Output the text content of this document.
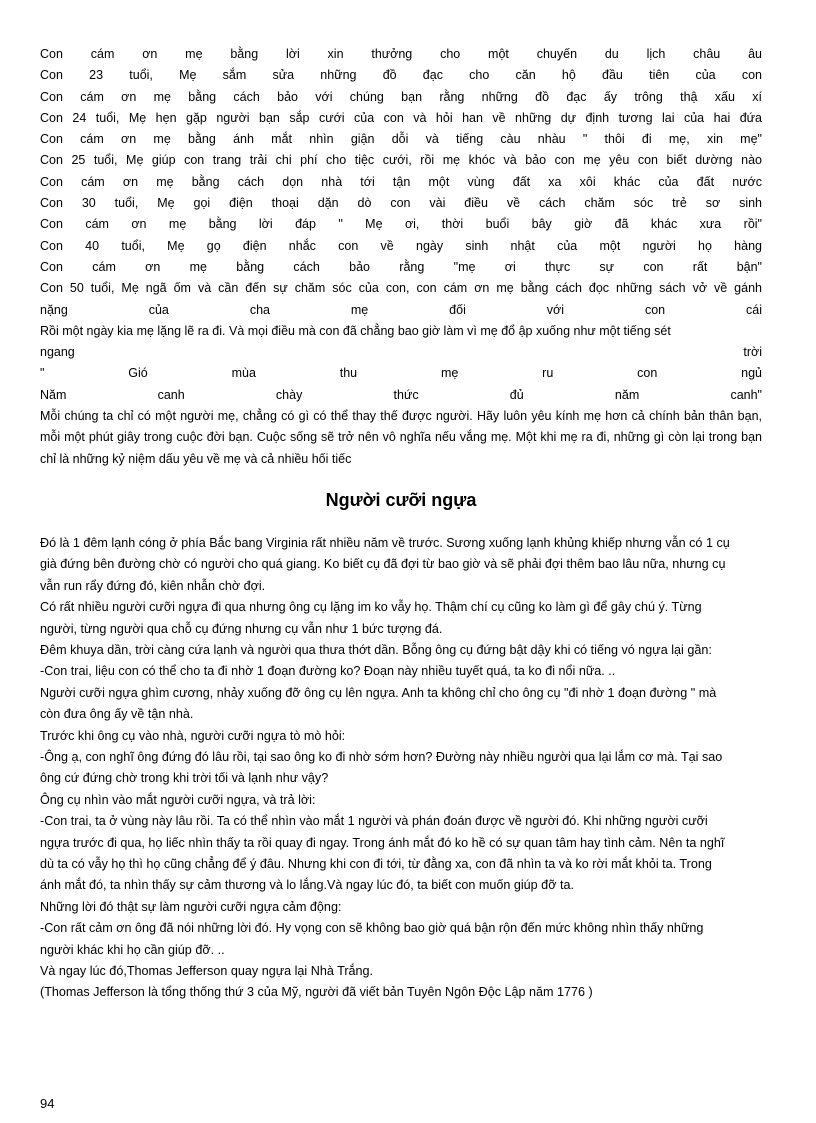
Con cám ơn mẹ bằng lời xin thưởng cho một chuyến du lịch châu âu
Con 23 tuổi, Mẹ sắm sửa những đồ đạc cho căn hộ đầu tiên của con
Con cám ơn mẹ bằng cách bảo với chúng bạn rằng những đồ đạc ấy trông thậ xấu xí
Con 24 tuổi, Mẹ hẹn gặp người bạn sắp cưới của con và hỏi han về những dự định tương lai của hai đứa
Con cám ơn mẹ bằng ánh mắt nhìn giận dỗi và tiếng càu nhàu " thôi đi mẹ, xin mẹ"
Con 25 tuổi, Mẹ giúp con trang trải chi phí cho tiệc cưới, rồi mẹ khóc và bảo con mẹ yêu con biết dường nào
Con cám ơn mẹ bằng cách dọn nhà tới tận một vùng đất xa xôi khác của đất nước
Con 30 tuổi, Mẹ gọi điện thoại dặn dò con vài điều về cách chăm sóc trẻ sơ sinh
Con cám ơn mẹ bằng lời đáp " Mẹ ơi, thời buổi bây giờ đã khác xưa rồi"
Con 40 tuổi, Mẹ gọ điện nhắc con về ngày sinh nhật của một người họ hàng
Con cám ơn mẹ bằng cách bảo rằng "mẹ ơi thực sự con rất bận"
Con 50 tuổi, Mẹ ngã ốm và cần đến sự chăm sóc của con, con cám ơn mẹ bằng cách đọc những sách vở về gánh
nặng của cha mẹ đối với con cái
Rồi một ngày kia mẹ lặng lẽ ra đi. Và mọi điều mà con đã chẳng bao giờ làm vì mẹ đổ ập xuống như một tiếng sét
ngang	trời
" Gió mùa thu mẹ ru con ngủ
Năm canh chày thức đủ năm canh"
Mỗi chúng ta chỉ có một người mẹ, chẳng có gì có thể thay thế được người. Hãy luôn yêu kính mẹ hơn cả chính bản thân bạn, mỗi một phút giây trong cuộc đời bạn. Cuộc sống sẽ trở nên vô nghĩa nếu vắng mẹ. Một khi mẹ ra đi, những gì còn lại trong bạn chỉ là những kỷ niệm dấu yêu về mẹ và cả nhiều hối tiếc
Người cưỡi ngựa

Đó là 1 đêm lạnh cóng ở phía Bắc bang Virginia rất nhiều năm về trước. Sương xuống lạnh khủng khiếp nhưng vẫn có 1 cụ già đứng bên đường chờ có người cho quá giang. Ko biết cụ đã đợi từ bao giờ và sẽ phải đợi thêm bao lâu nữa, nhưng cụ vẫn run rẩy đứng đó, kiên nhẫn chờ đợi.

Có rất nhiều người cưỡi ngựa đi qua nhưng ông cụ lặng im ko vẫy họ. Thậm chí cụ cũng ko làm gì để gây chú ý. Từng người, từng người qua chỗ cụ đứng nhưng cụ vẫn như 1 bức tượng đá.

Đêm khuya dần, trời càng cứa lạnh và người qua thưa thớt dần. Bỗng ông cụ đứng bật dậy khi có tiếng vó ngựa lại gần:

-Con trai, liệu con có thể cho ta đi nhờ 1 đoạn đường ko? Đoạn này nhiều tuyết quá, ta ko đi nổi nữa. ..

Người cưỡi ngựa ghìm cương, nhảy xuống đỡ ông cụ lên ngựa. Anh ta không chỉ cho ông cụ "đi nhờ 1 đoạn đường " mà còn đưa ông ấy về tận nhà.

Trước khi ông cụ vào nhà, người cưỡi ngựa tò mò hỏi:

-Ông ạ, con nghĩ ông đứng đó lâu rồi, tại sao ông ko đi nhờ sớm hơn? Đường này nhiều người qua lại lắm cơ mà. Tại sao ông cứ đứng chờ trong khi trời tối và lạnh như vậy?

Ông cụ nhìn vào mắt người cưỡi ngựa, và trả lời:

-Con trai, ta ở vùng này lâu rồi. Ta có thể nhìn vào mắt 1 người và phán đoán được về người đó. Khi những người cưỡi ngựa trước đi qua, họ liếc nhìn thấy ta rồi quay đi ngay. Trong ánh mắt đó ko hề có sự quan tâm hay tình cảm. Nên ta nghĩ dù ta có vẫy họ thì họ cũng chẳng để ý đâu. Nhưng khi con đi tới, từ đằng xa, con đã nhìn ta và ko rời mắt khỏi ta. Trong ánh mắt đó, ta nhìn thấy sự cảm thương và lo lắng.Và ngay lúc đó, ta biết con muốn giúp đỡ ta.

Những lời đó thật sự làm người cưỡi ngựa cảm động:

-Con rất cảm ơn ông đã nói những lời đó. Hy vọng con sẽ không bao giờ quá bận rộn đến mức không nhìn thấy những người khác khi họ cần giúp đỡ. ..

Và ngay lúc đó,Thomas Jefferson quay ngựa lại Nhà Trắng.

(Thomas Jefferson là tổng thống thứ 3 của Mỹ, người đã viết bản Tuyên Ngôn Độc Lập năm 1776 )

94
